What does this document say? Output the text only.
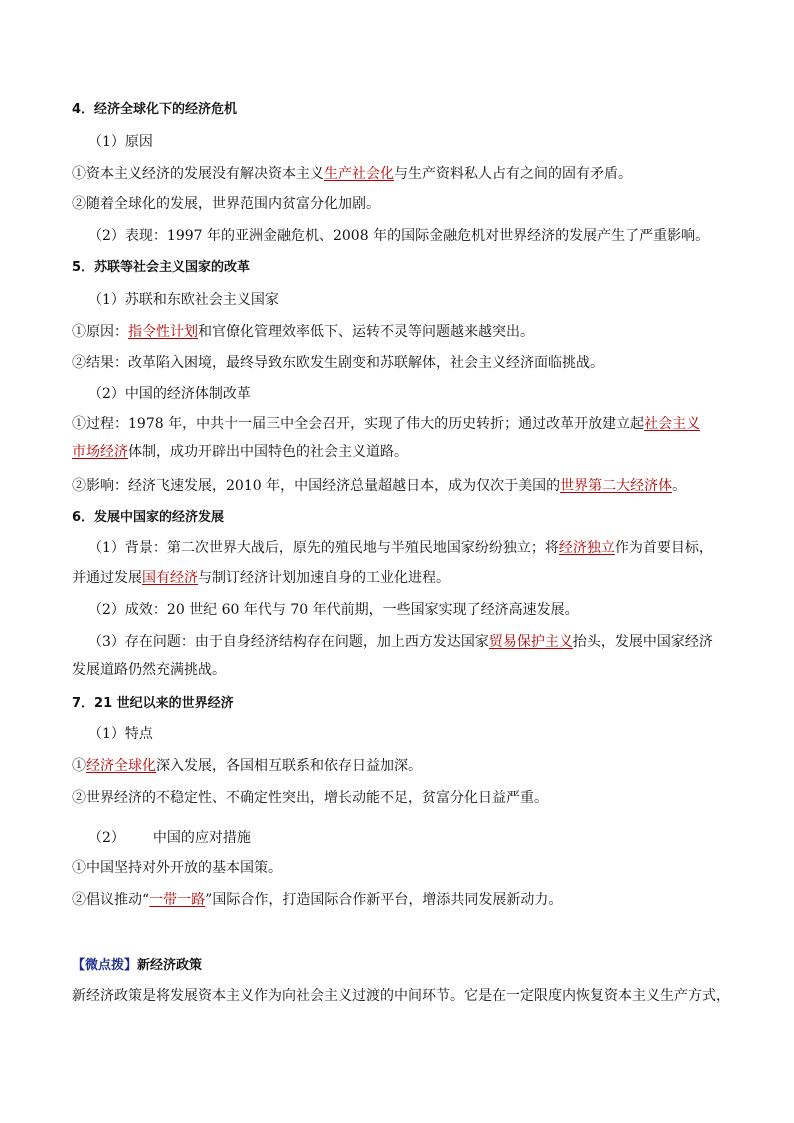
4．经济全球化下的经济危机
（1）原因
①资本主义经济的发展没有解决资本主义生产社会化与生产资料私人占有之间的固有矛盾。
②随着全球化的发展，世界范围内贫富分化加剧。
（2）表现：1997 年的亚洲金融危机、2008 年的国际金融危机对世界经济的发展产生了严重影响。
5．苏联等社会主义国家的改革
（1）苏联和东欧社会主义国家
①原因：指令性计划和官僚化管理效率低下、运转不灵等问题越来越突出。
②结果：改革陷入困境，最终导致东欧发生剧变和苏联解体，社会主义经济面临挑战。
（2）中国的经济体制改革
①过程：1978 年，中共十一届三中全会召开，实现了伟大的历史转折；通过改革开放建立起社会主义
市场经济体制，成功开辟出中国特色的社会主义道路。
②影响：经济飞速发展，2010 年，中国经济总量超越日本，成为仅次于美国的世界第二大经济体。
6．发展中国家的经济发展
（1）背景：第二次世界大战后，原先的殖民地与半殖民地国家纷纷独立；将经济独立作为首要目标，
并通过发展国有经济与制订经济计划加速自身的工业化进程。
（2）成效：20 世纪 60 年代与 70 年代前期，一些国家实现了经济高速发展。
（3）存在问题：由于自身经济结构存在问题，加上西方发达国家贸易保护主义抬头，发展中国家经济
发展道路仍然充满挑战。
7．21 世纪以来的世界经济
（1）特点
①经济全球化深入发展，各国相互联系和依存日益加深。
②世界经济的不稳定性、不确定性突出，增长动能不足，贫富分化日益严重。
（2） 中国的应对措施
①中国坚持对外开放的基本国策。
②倡议推动“一带一路”国际合作，打造国际合作新平台，增添共同发展新动力。
【微点拨】新经济政策
新经济政策是将发展资本主义作为向社会主义过渡的中间环节。它是在一定限度内恢复资本主义生产方式，
